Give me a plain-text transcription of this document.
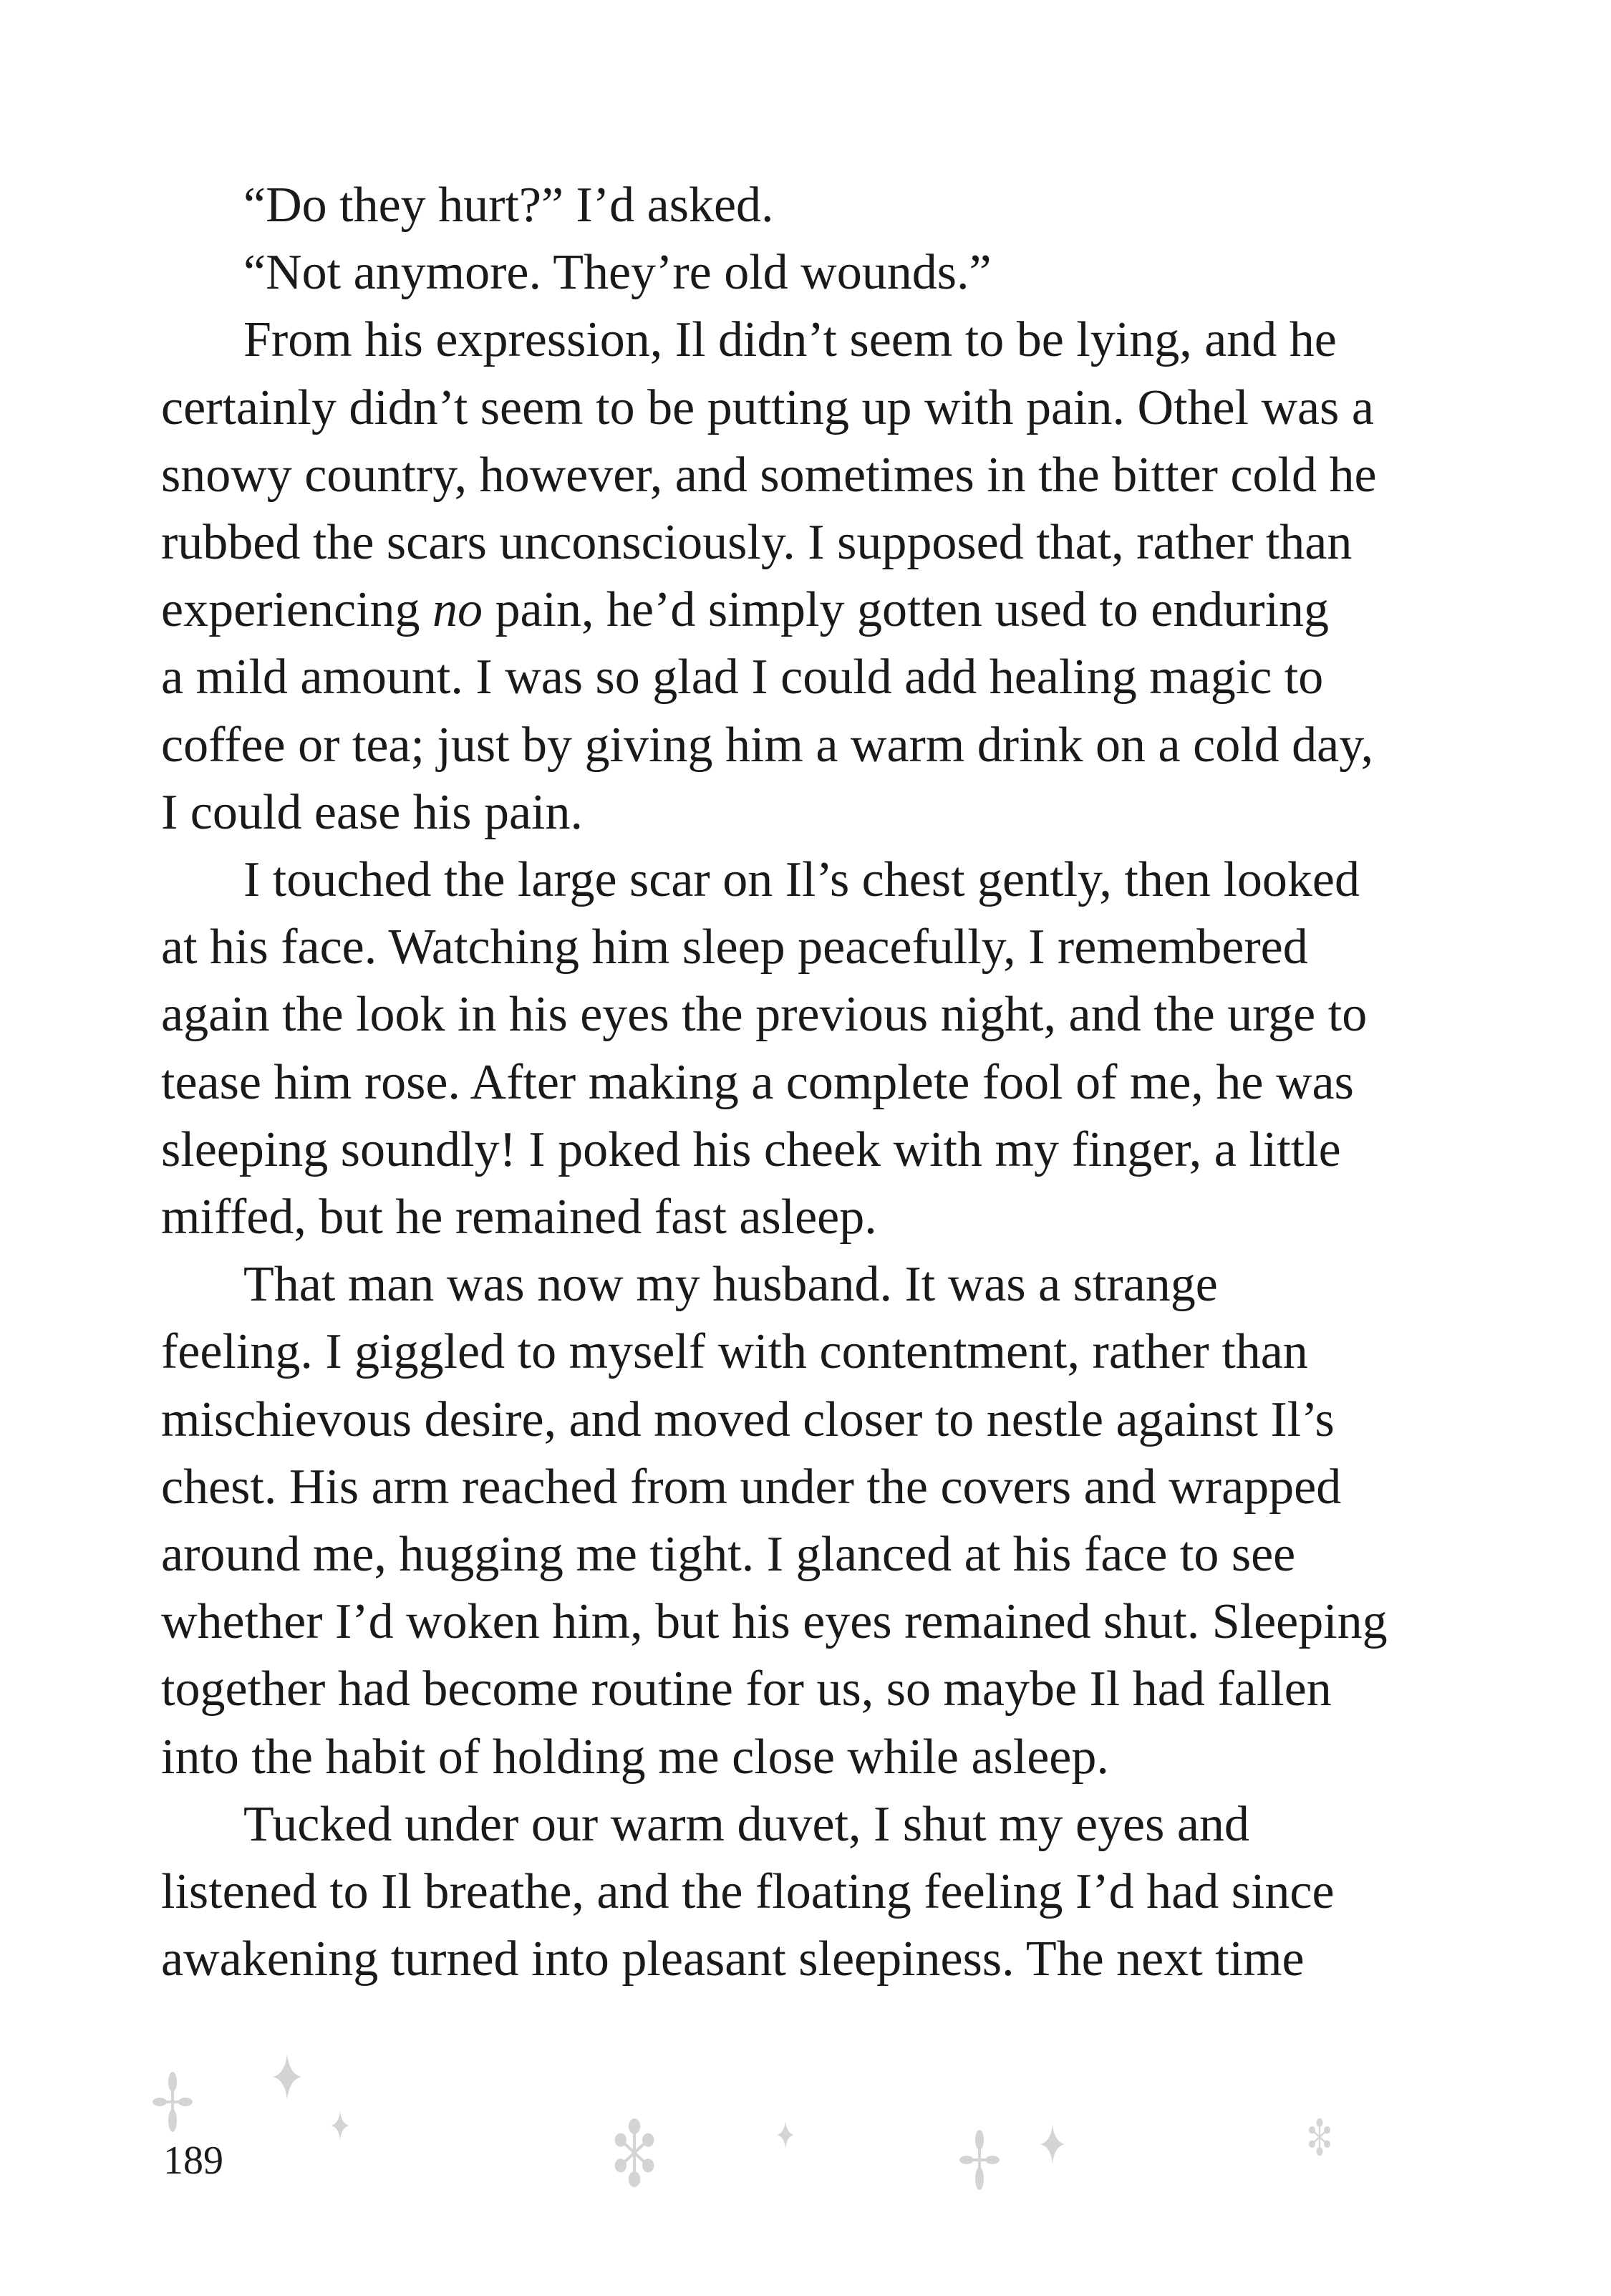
“Do they hurt?” I’d asked.
“Not anymore. They’re old wounds.”
From his expression, Il didn’t seem to be lying, and he
certainly didn’t seem to be putting up with pain. Othel was a
snowy country, however, and sometimes in the bitter cold he
rubbed the scars unconsciously. I supposed that, rather than
experiencing no pain, he’d simply gotten used to enduring
a mild amount. I was so glad I could add healing magic to
coffee or tea; just by giving him a warm drink on a cold day,
I could ease his pain.
I touched the large scar on Il’s chest gently, then looked
at his face. Watching him sleep peacefully, I remembered
again the look in his eyes the previous night, and the urge to
tease him rose. After making a complete fool of me, he was
sleeping soundly! I poked his cheek with my finger, a little
miffed, but he remained fast asleep.
That man was now my husband. It was a strange
feeling. I giggled to myself with contentment, rather than
mischievous desire, and moved closer to nestle against Il’s
chest. His arm reached from under the covers and wrapped
around me, hugging me tight. I glanced at his face to see
whether I’d woken him, but his eyes remained shut. Sleeping
together had become routine for us, so maybe Il had fallen
into the habit of holding me close while asleep.
Tucked under our warm duvet, I shut my eyes and
listened to Il breathe, and the floating feeling I’d had since
awakening turned into pleasant sleepiness. The next time
189
